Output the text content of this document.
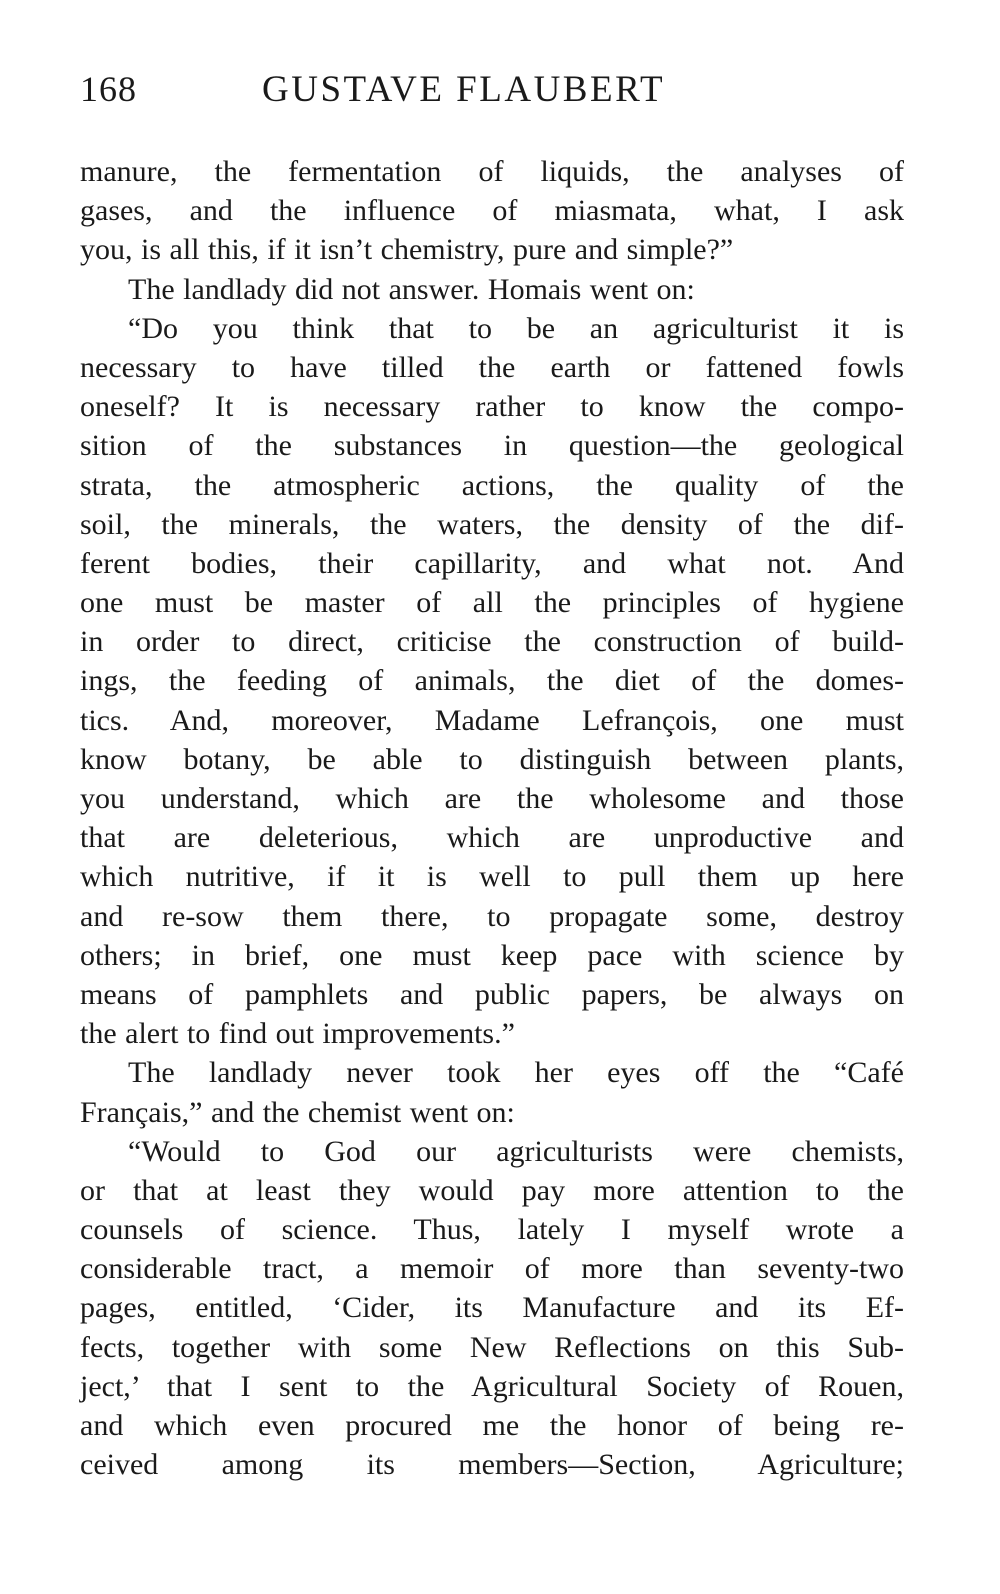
168	GUSTAVE FLAUBERT
manure, the fermentation of liquids, the analyses of
gases, and the influence of miasmata, what, I ask
you, is all this, if it isn’t chemistry, pure and simple?”
The landlady did not answer. Homais went on:
“Do you think that to be an agriculturist it is
necessary to have tilled the earth or fattened fowls
oneself? It is necessary rather to know the compo-
sition of the substances in question—the geological
strata, the atmospheric actions, the quality of the
soil, the minerals, the waters, the density of the dif-
ferent bodies, their capillarity, and what not. And
one must be master of all the principles of hygiene
in order to direct, criticise the construction of build-
ings, the feeding of animals, the diet of the domes-
tics. And, moreover, Madame Lefrançois, one must
know botany, be able to distinguish between plants,
you understand, which are the wholesome and those
that are deleterious, which are unproductive and
which nutritive, if it is well to pull them up here
and re-sow them there, to propagate some, destroy
others; in brief, one must keep pace with science by
means of pamphlets and public papers, be always on
the alert to find out improvements.”
The landlady never took her eyes off the “Café
Français,” and the chemist went on:
“Would to God our agriculturists were chemists,
or that at least they would pay more attention to the
counsels of science. Thus, lately I myself wrote a
considerable tract, a memoir of more than seventy-two
pages, entitled, ‘Cider, its Manufacture and its Ef-
fects, together with some New Reflections on this Sub-
ject,’ that I sent to the Agricultural Society of Rouen,
and which even procured me the honor of being re-
ceived among its members—Section, Agriculture;
